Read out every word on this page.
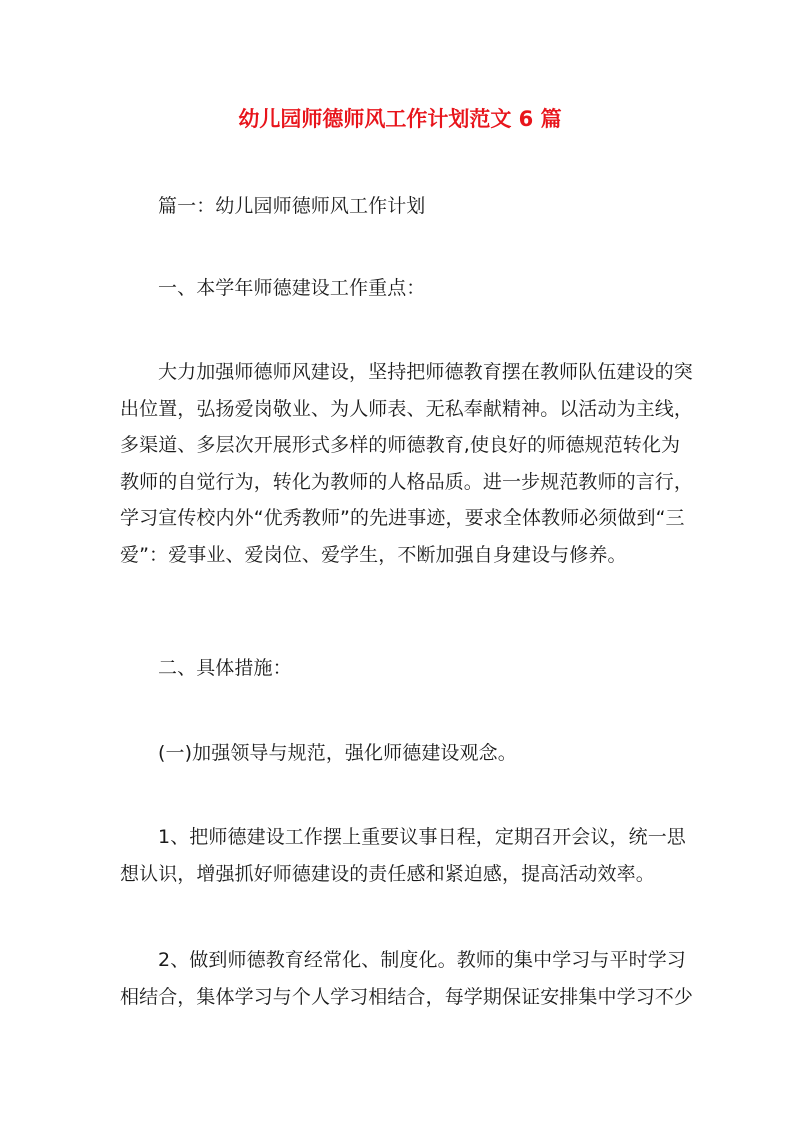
幼儿园师德师风工作计划范文 6 篇
篇一：幼儿园师德师风工作计划
一、本学年师德建设工作重点：
大力加强师德师风建设，坚持把师德教育摆在教师队伍建设的突出位置，弘扬爱岗敬业、为人师表、无私奉献精神。以活动为主线，多渠道、多层次开展形式多样的师德教育,使良好的师德规范转化为教师的自觉行为，转化为教师的人格品质。进一步规范教师的言行，学习宣传校内外“优秀教师”的先进事迹，要求全体教师必须做到“三爱”：爱事业、爱岗位、爱学生，不断加强自身建设与修养。
二、具体措施：
(一)加强领导与规范，强化师德建设观念。
1、把师德建设工作摆上重要议事日程，定期召开会议，统一思想认识，增强抓好师德建设的责任感和紧迫感，提高活动效率。
2、做到师德教育经常化、制度化。教师的集中学习与平时学习相结合，集体学习与个人学习相结合，每学期保证安排集中学习不少
